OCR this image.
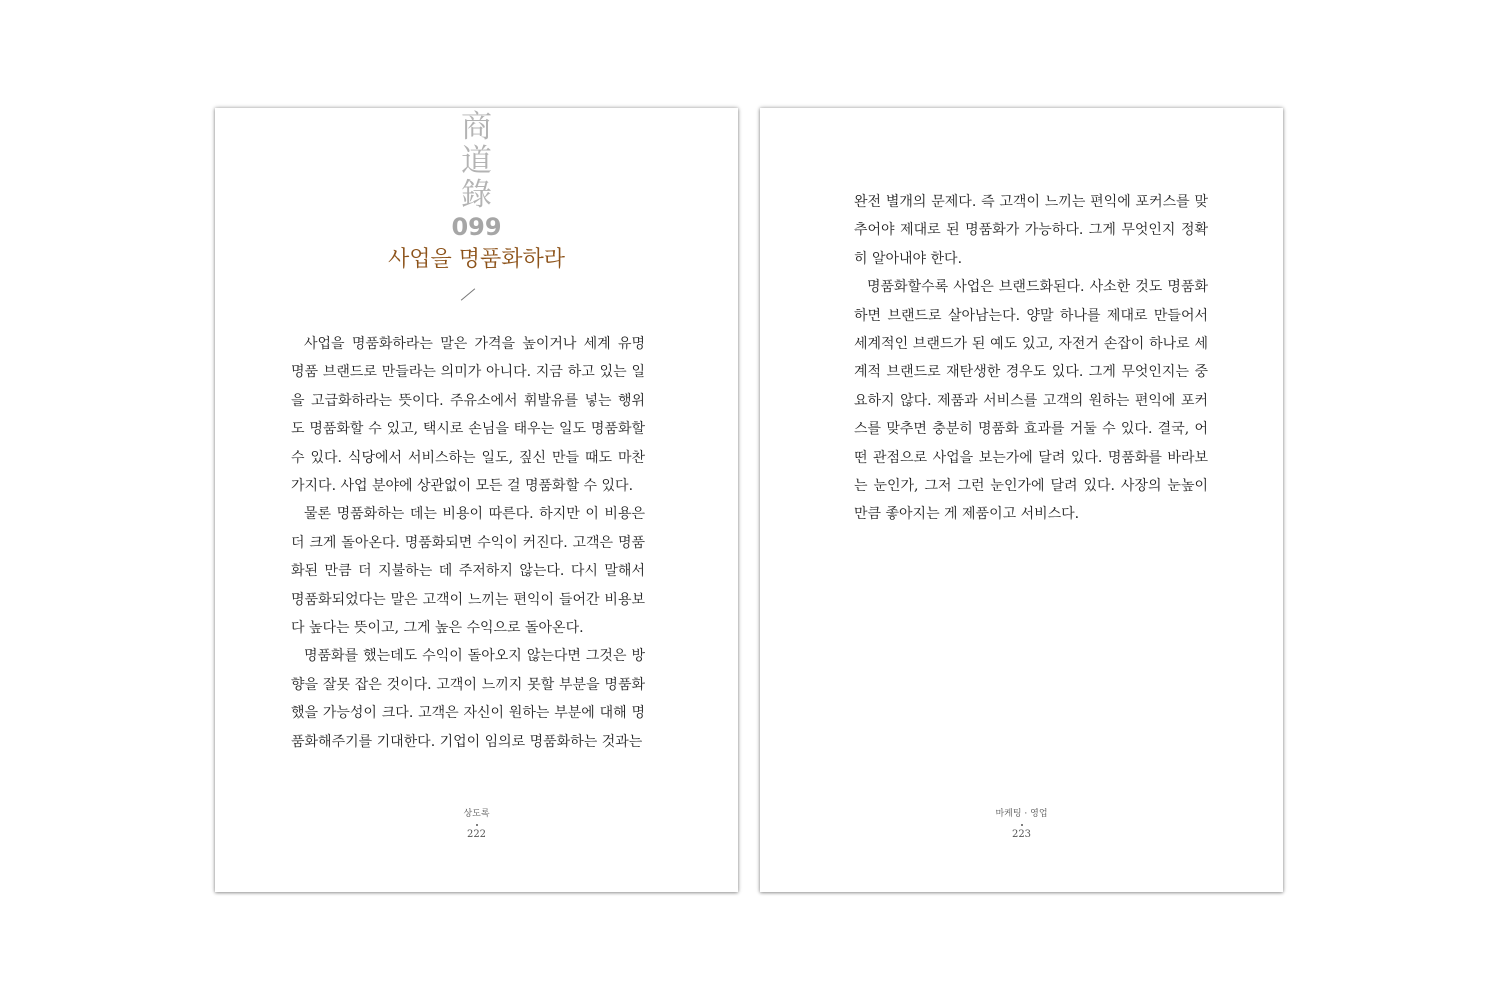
商
道
錄
099
사업을 명품화하라

사업을 명품화하라는 말은 가격을 높이거나 세계 유명 명품 브랜드로 만들라는 의미가 아니다. 지금 하고 있는 일을 고급화하라는 뜻이다. 주유소에서 휘발유를 넣는 행위도 명품화할 수 있고, 택시로 손님을 태우는 일도 명품화할 수 있다. 식당에서 서비스하는 일도, 짚신 만들 때도 마찬가지다. 사업 분야에 상관없이 모든 걸 명품화할 수 있다.

물론 명품화하는 데는 비용이 따른다. 하지만 이 비용은 더 크게 돌아온다. 명품화되면 수익이 커진다. 고객은 명품화된 만큼 더 지불하는 데 주저하지 않는다. 다시 말해서 명품화되었다는 말은 고객이 느끼는 편익이 들어간 비용보다 높다는 뜻이고, 그게 높은 수익으로 돌아온다.

명품화를 했는데도 수익이 돌아오지 않는다면 그것은 방향을 잘못 잡은 것이다. 고객이 느끼지 못할 부분을 명품화했을 가능성이 크다. 고객은 자신이 원하는 부분에 대해 명품화해주기를 기대한다. 기업이 임의로 명품화하는 것과는

상도록
222

완전 별개의 문제다. 즉 고객이 느끼는 편익에 포커스를 맞추어야 제대로 된 명품화가 가능하다. 그게 무엇인지 정확히 알아내야 한다.

명품화할수록 사업은 브랜드화된다. 사소한 것도 명품화하면 브랜드로 살아남는다. 양말 하나를 제대로 만들어서 세계적인 브랜드가 된 예도 있고, 자전거 손잡이 하나로 세계적 브랜드로 재탄생한 경우도 있다. 그게 무엇인지는 중요하지 않다. 제품과 서비스를 고객의 원하는 편익에 포커스를 맞추면 충분히 명품화 효과를 거둘 수 있다. 결국, 어떤 관점으로 사업을 보는가에 달려 있다. 명품화를 바라보는 눈인가, 그저 그런 눈인가에 달려 있다. 사장의 눈높이만큼 좋아지는 게 제품이고 서비스다.

마케팅 · 영업
223
